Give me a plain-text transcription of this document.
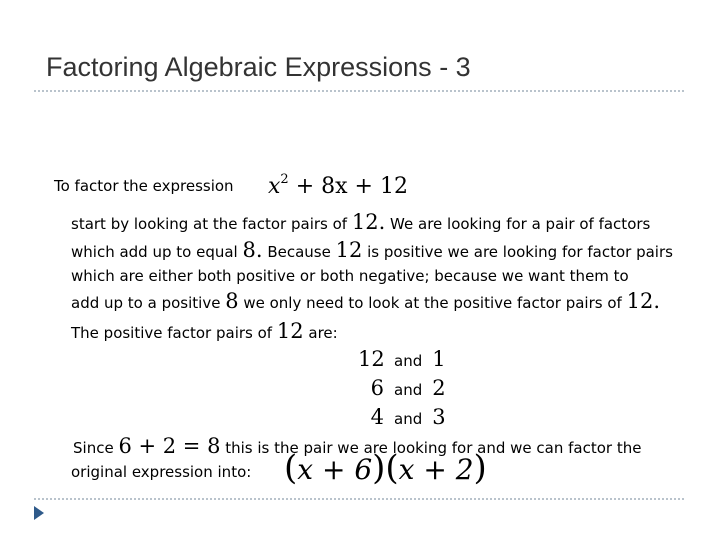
Factoring Algebraic Expressions - 3
To factor the expression $x^2 + 8x + 12$
start by looking at the factor pairs of 12. We are looking for a pair of factors
which add up to equal 8. Because 12 is positive we are looking for factor pairs
which are either both positive or both negative; because we want them to
add up to a positive 8 we only need to look at the positive factor pairs of 12.
The positive factor pairs of 12 are:
12 and 1
6 and 2
4 and 3
Since 6 + 2 = 8 this is the pair we are looking for and we can factor the
original expression into: (x + 6)(x + 2)
